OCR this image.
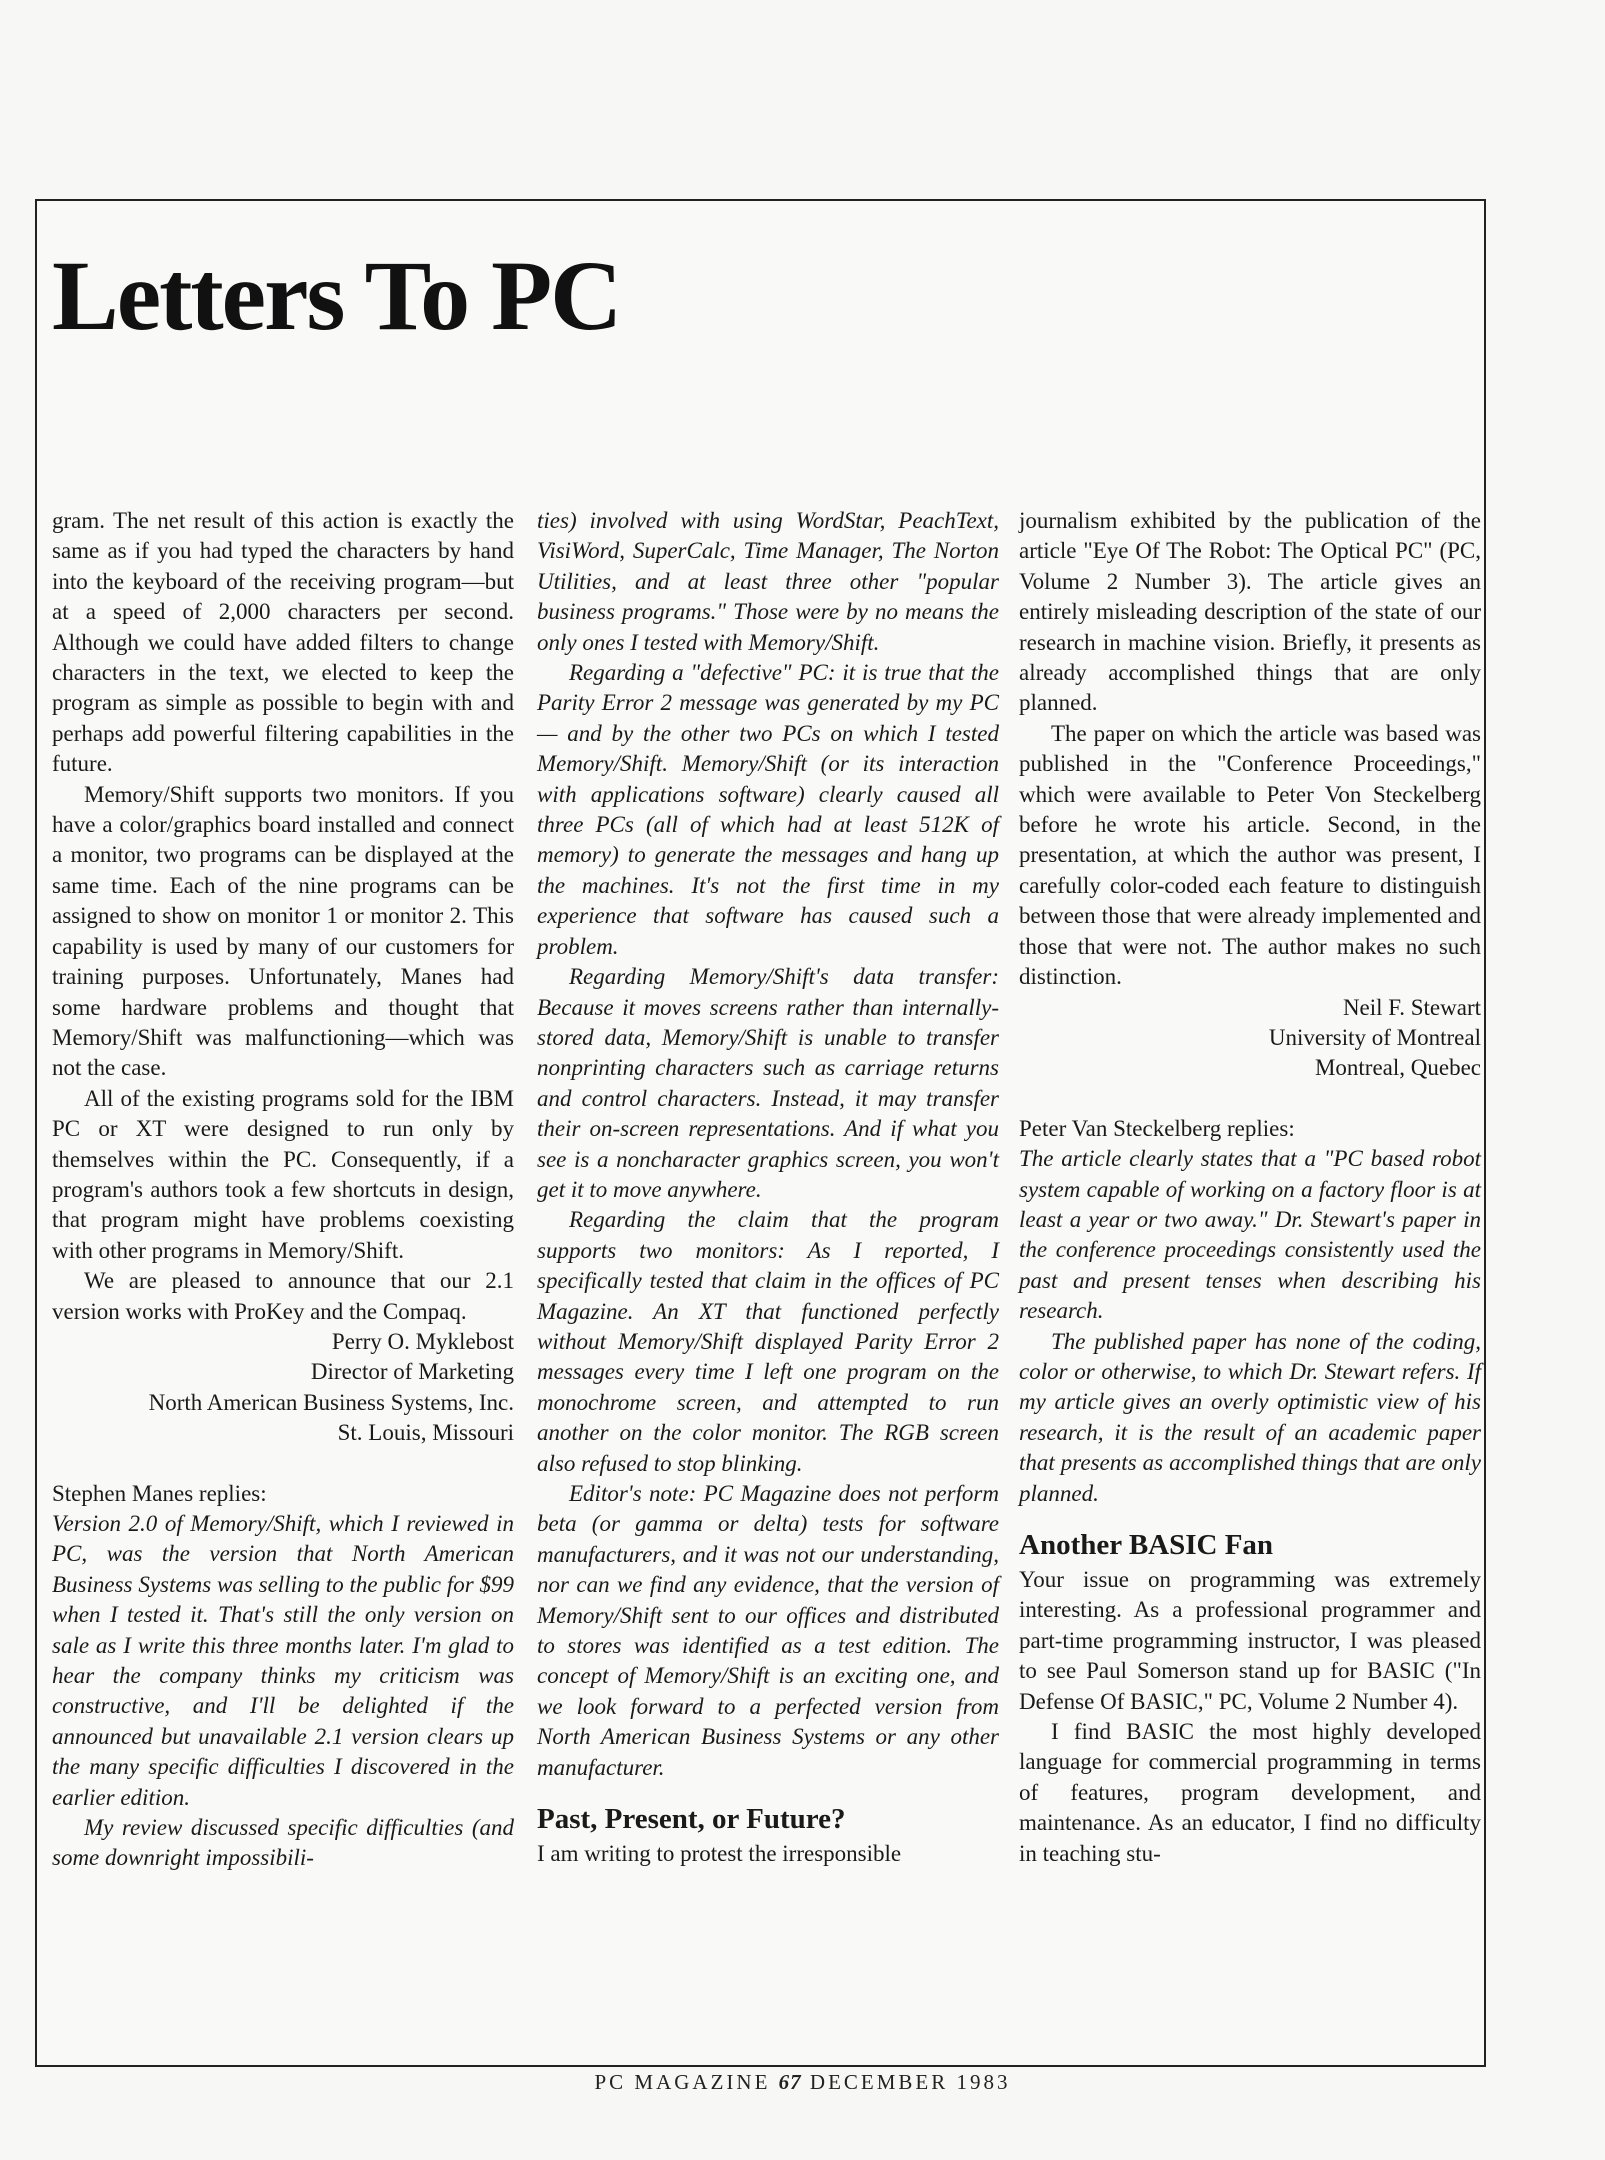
Letters To PC

gram. The net result of this action is exactly the same as if you had typed the characters by hand into the keyboard of the receiving program—but at a speed of 2,000 characters per second. Although we could have added filters to change characters in the text, we elected to keep the program as simple as possible to begin with and perhaps add powerful filtering capabilities in the future.

Memory/Shift supports two monitors. If you have a color/graphics board installed and connect a monitor, two programs can be displayed at the same time. Each of the nine programs can be assigned to show on monitor 1 or monitor 2. This capability is used by many of our customers for training purposes. Unfortunately, Manes had some hardware problems and thought that Memory/Shift was malfunctioning—which was not the case.

All of the existing programs sold for the IBM PC or XT were designed to run only by themselves within the PC. Consequently, if a program's authors took a few shortcuts in design, that program might have problems coexisting with other programs in Memory/Shift.

We are pleased to announce that our 2.1 version works with ProKey and the Compaq.

Perry O. Myklebost
Director of Marketing
North American Business Systems, Inc.
St. Louis, Missouri

Stephen Manes replies:

Version 2.0 of Memory/Shift, which I reviewed in PC, was the version that North American Business Systems was selling to the public for $99 when I tested it. That's still the only version on sale as I write this three months later. I'm glad to hear the company thinks my criticism was constructive, and I'll be delighted if the announced but unavailable 2.1 version clears up the many specific difficulties I discovered in the earlier edition.

My review discussed specific difficulties (and some downright impossibili-

ties) involved with using WordStar, PeachText, VisiWord, SuperCalc, Time Manager, The Norton Utilities, and at least three other "popular business programs." Those were by no means the only ones I tested with Memory/Shift.

Regarding a "defective" PC: it is true that the Parity Error 2 message was generated by my PC — and by the other two PCs on which I tested Memory/Shift. Memory/Shift (or its interaction with applications software) clearly caused all three PCs (all of which had at least 512K of memory) to generate the messages and hang up the machines. It's not the first time in my experience that software has caused such a problem.

Regarding Memory/Shift's data transfer: Because it moves screens rather than internally-stored data, Memory/Shift is unable to transfer nonprinting characters such as carriage returns and control characters. Instead, it may transfer their on-screen representations. And if what you see is a noncharacter graphics screen, you won't get it to move anywhere.

Regarding the claim that the program supports two monitors: As I reported, I specifically tested that claim in the offices of PC Magazine. An XT that functioned perfectly without Memory/Shift displayed Parity Error 2 messages every time I left one program on the monochrome screen, and attempted to run another on the color monitor. The RGB screen also refused to stop blinking.

Editor's note: PC Magazine does not perform beta (or gamma or delta) tests for software manufacturers, and it was not our understanding, nor can we find any evidence, that the version of Memory/Shift sent to our offices and distributed to stores was identified as a test edition. The concept of Memory/Shift is an exciting one, and we look forward to a perfected version from North American Business Systems or any other manufacturer.

Past, Present, or Future?

I am writing to protest the irresponsible

journalism exhibited by the publication of the article "Eye Of The Robot: The Optical PC" (PC, Volume 2 Number 3). The article gives an entirely misleading description of the state of our research in machine vision. Briefly, it presents as already accomplished things that are only planned.

The paper on which the article was based was published in the "Conference Proceedings," which were available to Peter Von Steckelberg before he wrote his article. Second, in the presentation, at which the author was present, I carefully color-coded each feature to distinguish between those that were already implemented and those that were not. The author makes no such distinction.

Neil F. Stewart
University of Montreal
Montreal, Quebec

Peter Van Steckelberg replies:

The article clearly states that a "PC based robot system capable of working on a factory floor is at least a year or two away." Dr. Stewart's paper in the conference proceedings consistently used the past and present tenses when describing his research.

The published paper has none of the coding, color or otherwise, to which Dr. Stewart refers. If my article gives an overly optimistic view of his research, it is the result of an academic paper that presents as accomplished things that are only planned.

Another BASIC Fan

Your issue on programming was extremely interesting. As a professional programmer and part-time programming instructor, I was pleased to see Paul Somerson stand up for BASIC ("In Defense Of BASIC," PC, Volume 2 Number 4).

I find BASIC the most highly developed language for commercial programming in terms of features, program development, and maintenance. As an educator, I find no difficulty in teaching stu-

PC MAGAZINE 67 DECEMBER 1983
